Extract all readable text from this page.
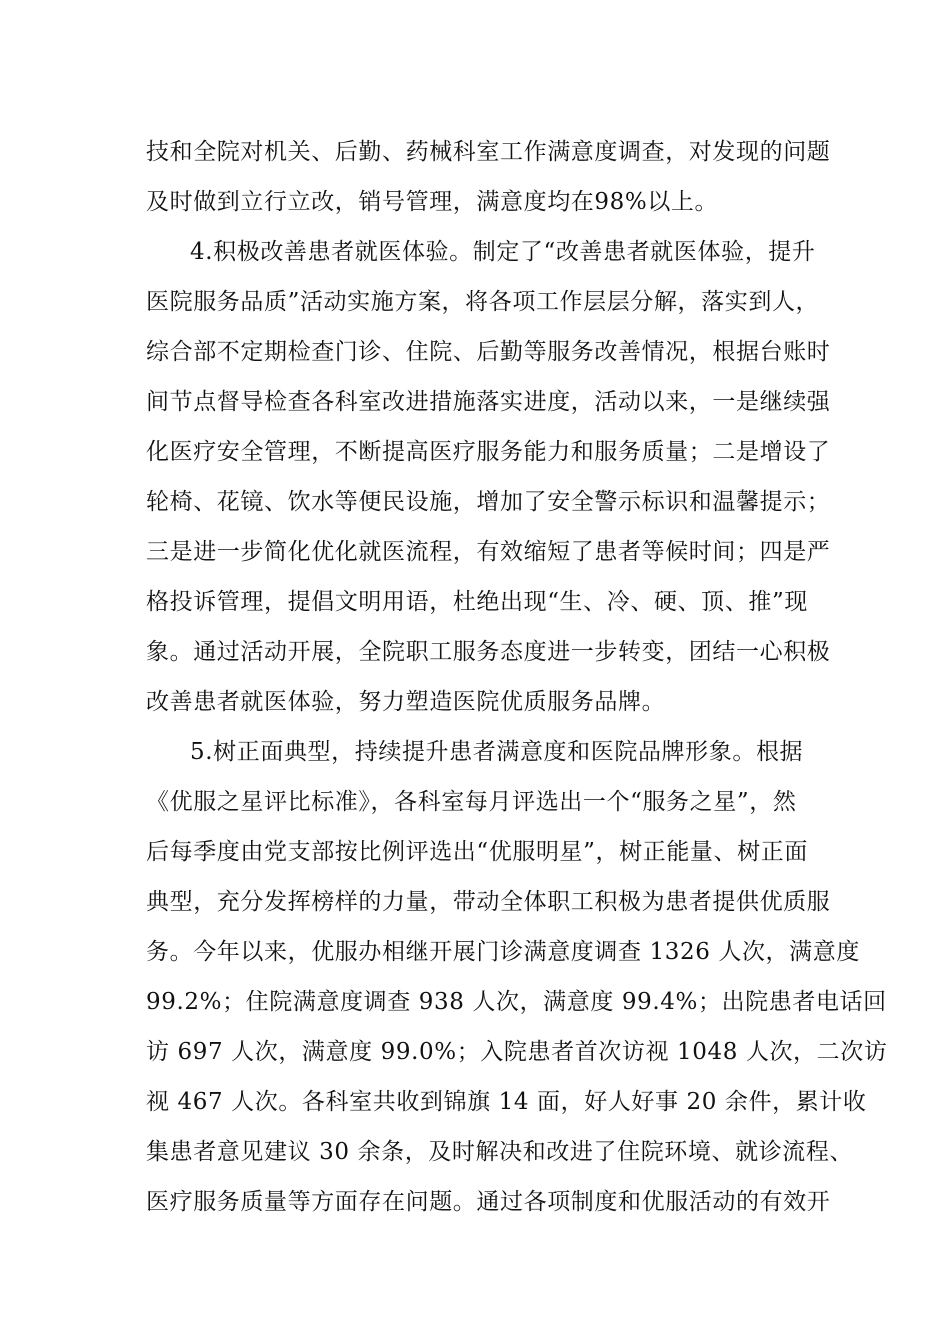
技和全院对机关、后勤、药械科室工作满意度调查，对发现的问题
及时做到立行立改，销号管理，满意度均在98%以上。
4.积极改善患者就医体验。制定了“改善患者就医体验，提升
医院服务品质”活动实施方案，将各项工作层层分解，落实到人，
综合部不定期检查门诊、住院、后勤等服务改善情况，根据台账时
间节点督导检查各科室改进措施落实进度，活动以来，一是继续强
化医疗安全管理，不断提高医疗服务能力和服务质量；二是增设了
轮椅、花镜、饮水等便民设施，增加了安全警示标识和温馨提示；
三是进一步简化优化就医流程，有效缩短了患者等候时间；四是严
格投诉管理，提倡文明用语，杜绝出现“生、冷、硬、顶、推”现
象。通过活动开展，全院职工服务态度进一步转变，团结一心积极
改善患者就医体验，努力塑造医院优质服务品牌。
5.树正面典型，持续提升患者满意度和医院品牌形象。根据
《优服之星评比标准》，各科室每月评选出一个“服务之星”，然
后每季度由党支部按比例评选出“优服明星”，树正能量、树正面
典型，充分发挥榜样的力量，带动全体职工积极为患者提供优质服
务。今年以来，优服办相继开展门诊满意度调查 1326 人次，满意度
99.2%；住院满意度调查 938 人次，满意度 99.4%；出院患者电话回
访 697 人次，满意度 99.0%；入院患者首次访视 1048 人次，二次访
视 467 人次。各科室共收到锦旗 14 面，好人好事 20 余件，累计收
集患者意见建议 30 余条，及时解决和改进了住院环境、就诊流程、
医疗服务质量等方面存在问题。通过各项制度和优服活动的有效开
